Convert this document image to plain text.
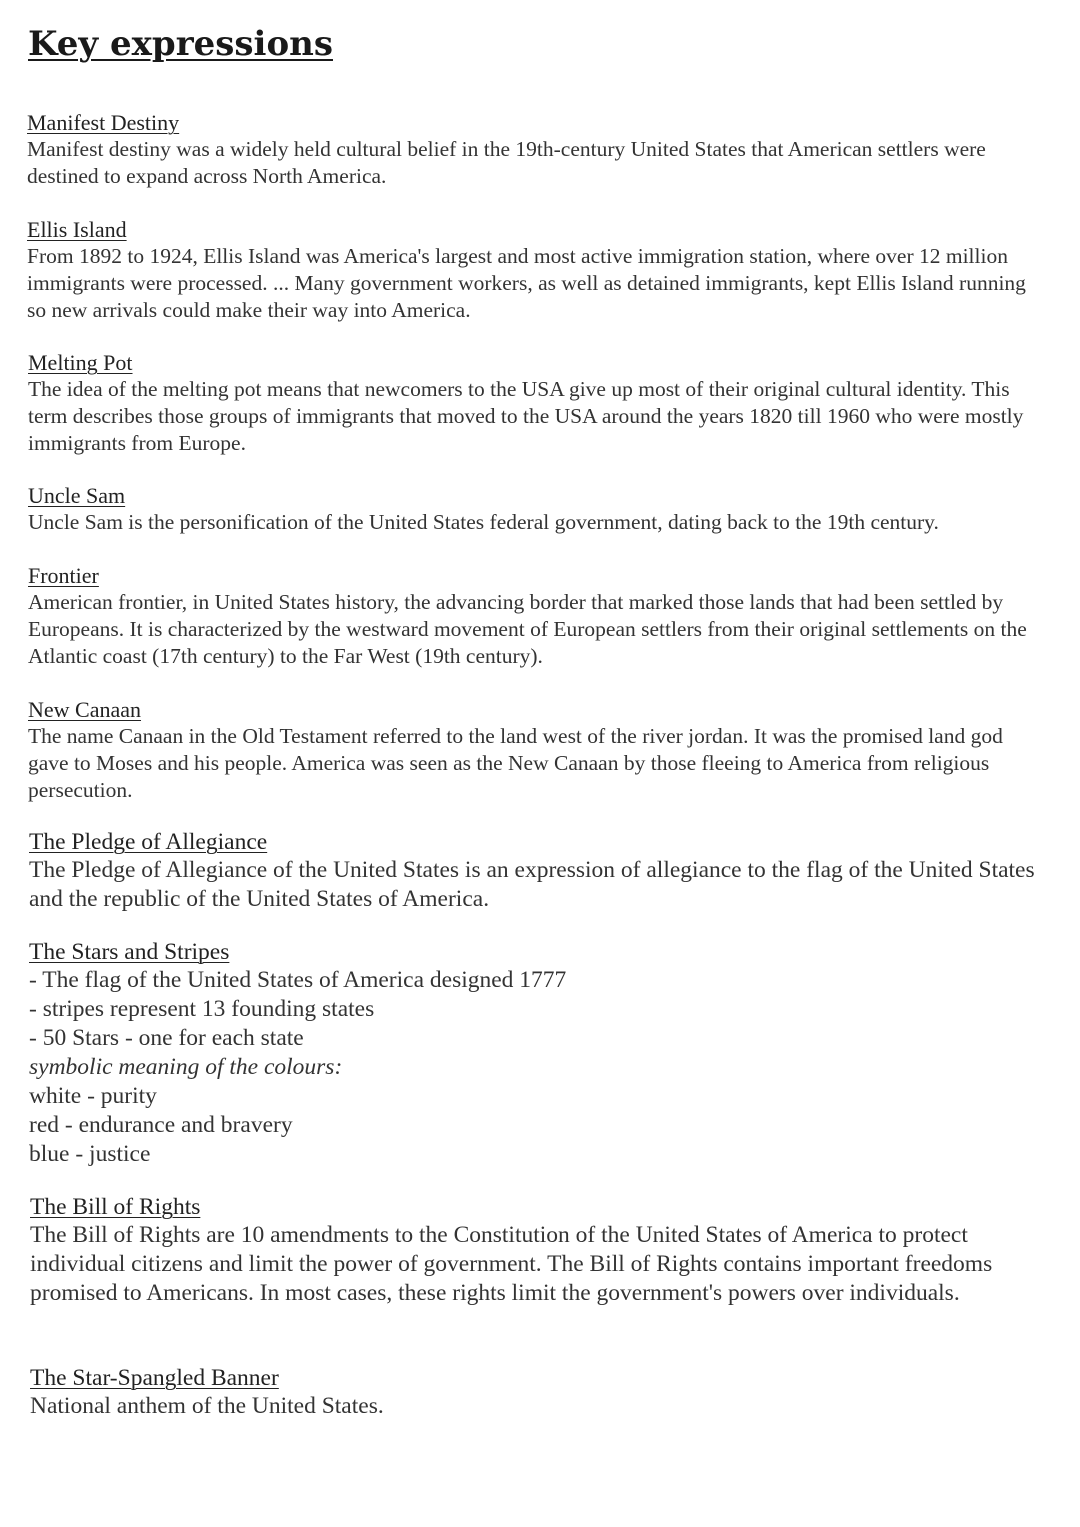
Key expressions
Manifest Destiny

Manifest destiny was a widely held cultural belief in the 19th-century United States that American settlers were destined to expand across North America.

Ellis Island

From 1892 to 1924, Ellis Island was America's largest and most active immigration station, where over 12 million immigrants were processed. ... Many government workers, as well as detained immigrants, kept Ellis Island running so new arrivals could make their way into America.

Melting Pot

The idea of the melting pot means that newcomers to the USA give up most of their original cultural identity. This term describes those groups of immigrants that moved to the USA around the years 1820 till 1960 who were mostly immigrants from Europe.

Uncle Sam

Uncle Sam is the personification of the United States federal government, dating back to the 19th century.

Frontier

American frontier, in United States history, the advancing border that marked those lands that had been settled by Europeans. It is characterized by the westward movement of European settlers from their original settlements on the Atlantic coast (17th century) to the Far West (19th century).

New Canaan

The name Canaan in the Old Testament referred to the land west of the river jordan. It was the promised land god gave to Moses and his people. America was seen as the New Canaan by those fleeing to America from religious persecution.

The Pledge of Allegiance

The Pledge of Allegiance of the United States is an expression of allegiance to the flag of the United States and the republic of the United States of America.

The Stars and Stripes
- The flag of the United States of America designed 1777
- stripes represent 13 founding states
- 50 Stars - one for each state
symbolic meaning of the colours:
white - purity
red - endurance and bravery
blue - justice
The Bill of Rights

The Bill of Rights are 10 amendments to the Constitution of the United States of America to protect individual citizens and limit the power of government. The Bill of Rights contains important freedoms promised to Americans. In most cases, these rights limit the government's powers over individuals.

The Star-Spangled Banner

National anthem of the United States.
